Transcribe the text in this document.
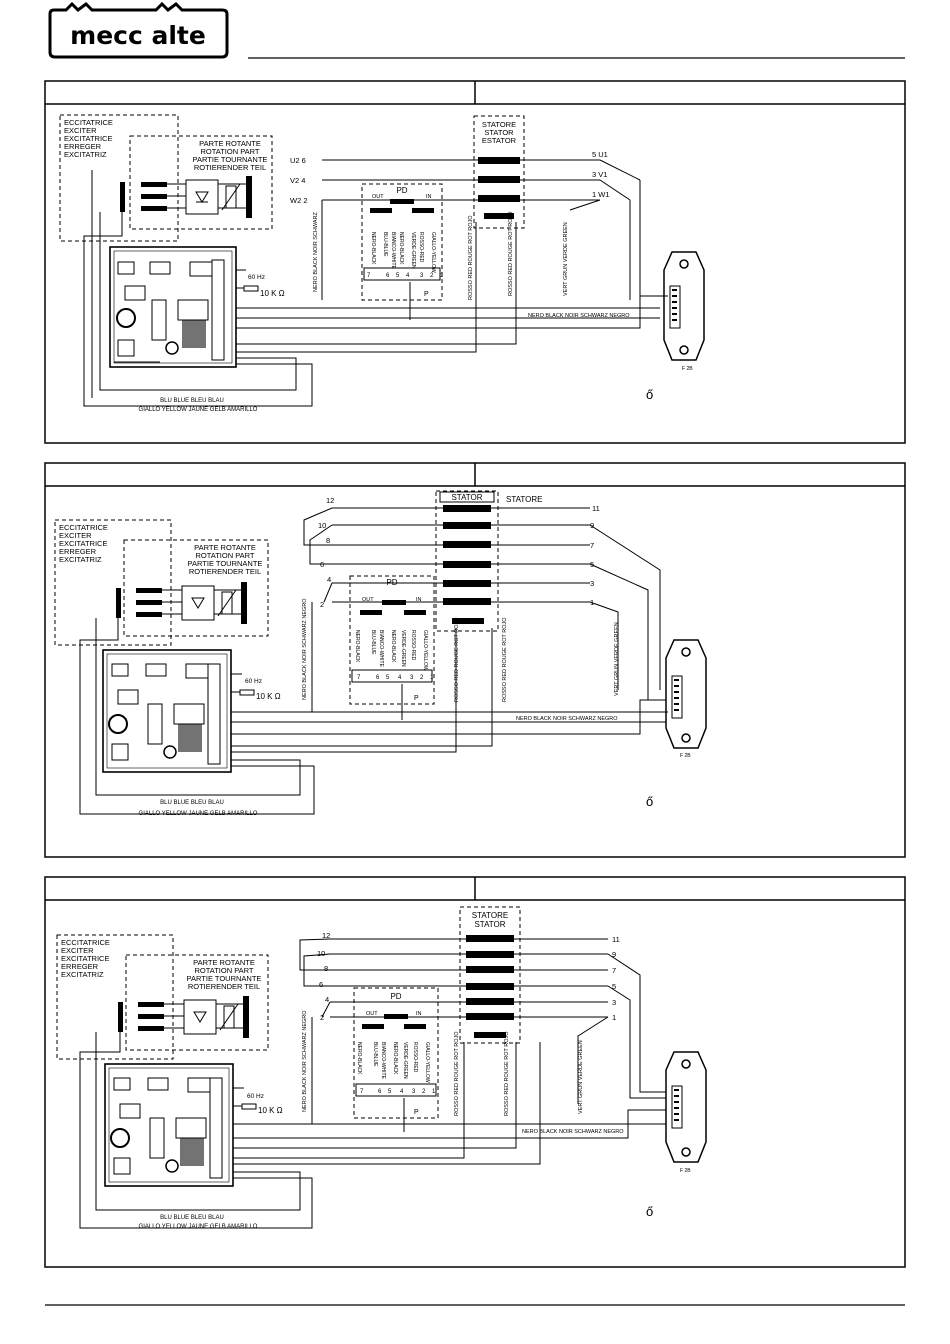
mecc alte
ECCITATRICE
EXCITER
EXCITATRICE
ERREGER
EXCITATRIZ
PARTE ROTANTE
ROTATION PART
PARTIE TOURNANTE
ROTIERENDER TEIL
60 Hz
10 K Ω
STATORE
STATOR
ESTATOR
U2 6
V2 4
W2 2
5 U1
3 V1
1 W1
PD
OUT	IN
NERO-BLACK BLU-BLUE BIANCO-WHITE NERO-BLACK VERDE-GREEN ROSSO-RED GIALLO-YELLOW
7	6 5 4 3 2 1
P
NERO BLACK NOIR SCHWARZ	ROSSO RED ROUGE ROT ROJO	ROSSO RED ROUGE ROT ROJO	VERT GRUN VERDE GREEN
NERO BLACK NOIR SCHWARZ NEGRO
BLU BLUE BLEU BLAU
GIALLO YELLOW JAUNE GELB AMARILLO
F 2B
ő
ECCITATRICE
EXCITER
EXCITATRICE
ERREGER
EXCITATRIZ
PARTE ROTANTE
ROTATION PART
PARTIE TOURNANTE
ROTIERENDER TEIL
60 Hz
10 K Ω
STATOR	STATORE
12
10
8
6
4
2
11
9
7
5
3
1
PD
OUT	IN
NERO-BLACK BLU-BLUE BIANCO-WHITE NERO-BLACK VERDE-GREEN ROSSO-RED GIALLO-YELLOW
7	6 5 4 3 2 1
P
NERO BLACK NOIR SCHWARZ NEGRO	ROSSO RED ROUGE ROT ROJO	ROSSO RED ROUGE ROT ROJO	VERT GRUN VERDE GREEN
NERO BLACK NOIR SCHWARZ NEGRO
BLU BLUE BLEU BLAU
GIALLO YELLOW JAUNE GELB AMARILLO
F 2B
ő
ECCITATRICE
EXCITER
EXCITATRICE
ERREGER
EXCITATRIZ
PARTE ROTANTE
ROTATION PART
PARTIE TOURNANTE
ROTIERENDER TEIL
60 Hz
10 K Ω
STATORE
STATOR
12
10
8
6
4
2
11
9
7
5
3
1
PD
OUT	IN
NERO-BLACK BLU-BLUE BIANCO-WHITE NERO-BLACK VERDE-GREEN ROSSO-RED GIALLO-YELLOW
7 6 5 4 3 2 1
P
NERO BLACK NOIR SCHWARZ NEGRO	ROSSO RED ROUGE ROT ROJO	ROSSO RED ROUGE ROT ROJO	VERT GRUN VERDE GREEN
NERO BLACK NOIR SCHWARZ NEGRO
BLU BLUE BLEU BLAU
GIALLO YELLOW JAUNE GELB AMARILLO
F 2B
ő
